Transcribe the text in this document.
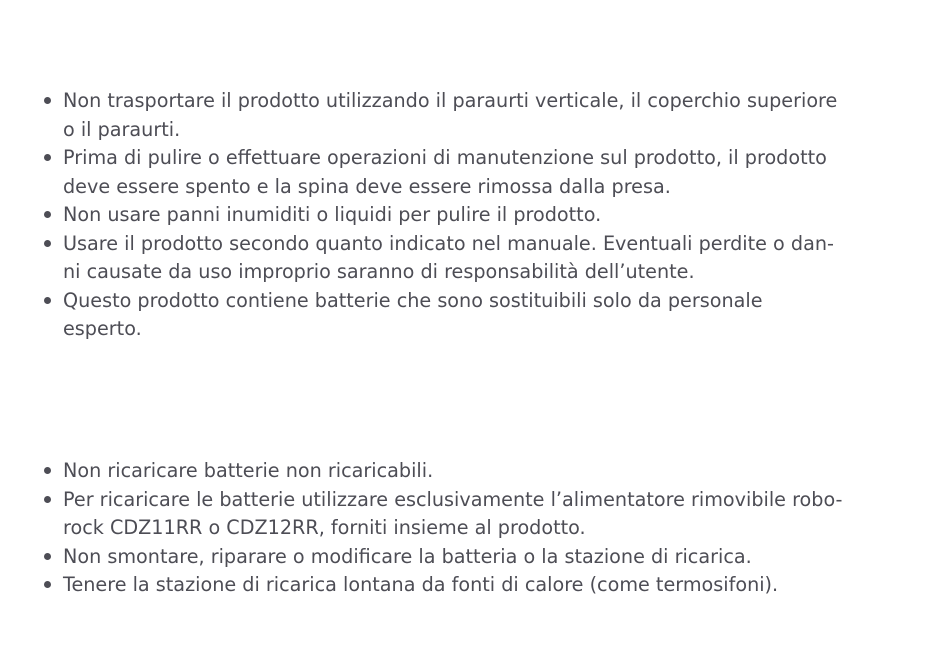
Non trasportare il prodotto utilizzando il paraurti verticale, il coperchio superiore
o il paraurti.
Prima di pulire o effettuare operazioni di manutenzione sul prodotto, il prodotto
deve essere spento e la spina deve essere rimossa dalla presa.
Non usare panni inumiditi o liquidi per pulire il prodotto.
Usare il prodotto secondo quanto indicato nel manuale. Eventuali perdite o dan-
ni causate da uso improprio saranno di responsabilità dell’utente.
Questo prodotto contiene batterie che sono sostituibili solo da personale
esperto.
Non ricaricare batterie non ricaricabili.
Per ricaricare le batterie utilizzare esclusivamente l’alimentatore rimovibile robo-
rock CDZ11RR o CDZ12RR, forniti insieme al prodotto.
Non smontare, riparare o modificare la batteria o la stazione di ricarica.
Tenere la stazione di ricarica lontana da fonti di calore (come termosifoni).
